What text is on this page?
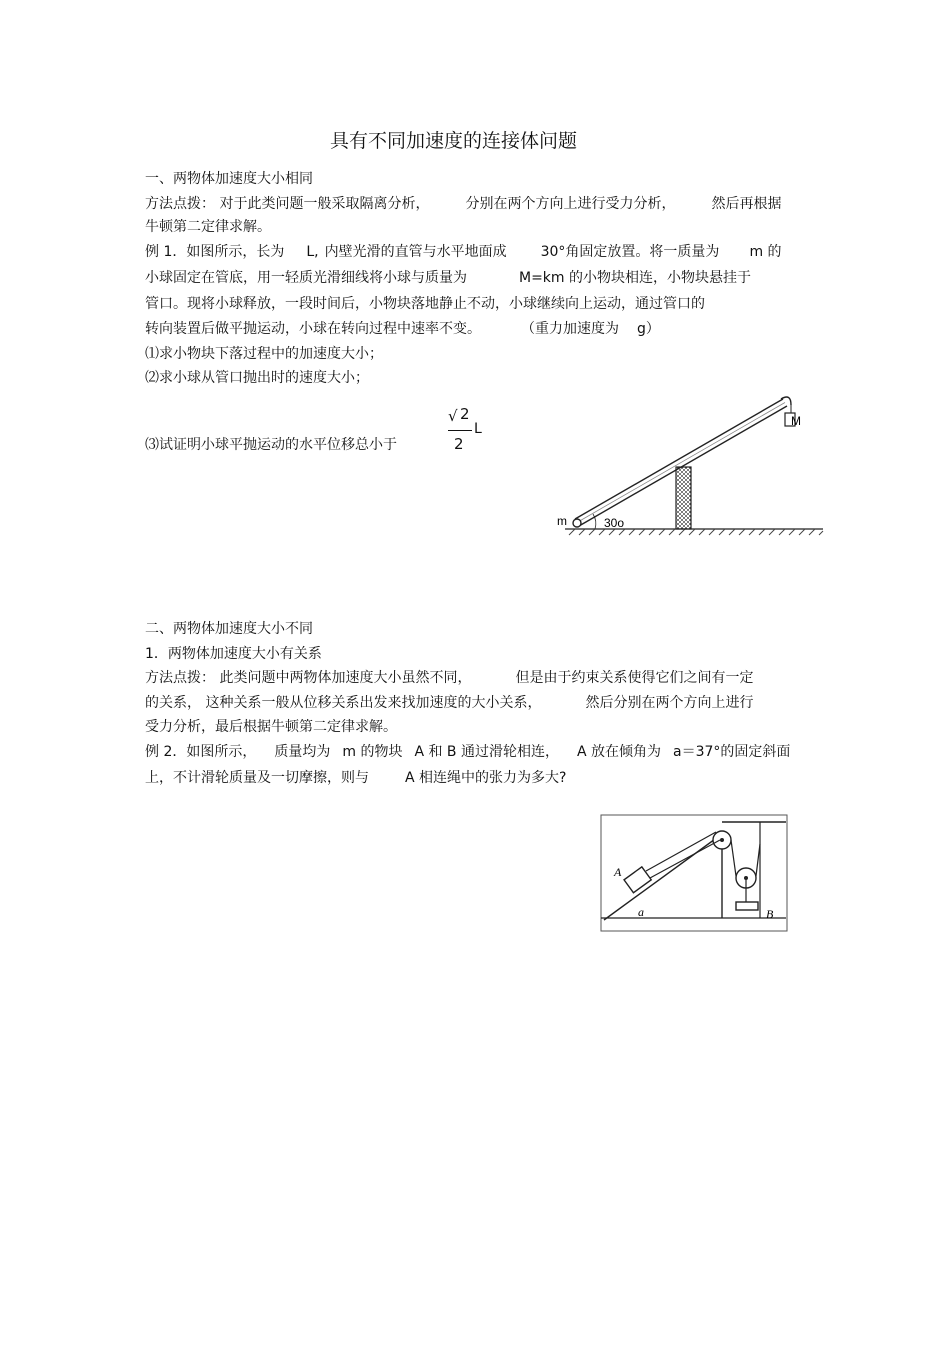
具有不同加速度的连接体问题
一、两物体加速度大小相同
方法点拨： 对于此类问题一般采取隔离分析，	分别在两个方向上进行受力分析，	然后再根据
牛顿第二定律求解。
例 1．如图所示，长为 L, 内壁光滑的直管与水平地面成 30°角固定放置。将一质量为 m 的
小球固定在管底，用一轻质光滑细线将小球与质量为	M=km 的小物块相连，小物块悬挂于
管口。现将小球释放，一段时间后，小物块落地静止不动，小球继续向上运动，通过管口的
转向装置后做平抛运动，小球在转向过程中速率不变。	（重力加速度为 g）
⑴求小物块下落过程中的加速度大小；
⑵求小球从管口抛出时的速度大小；
⑶试证明小球平抛运动的水平位移总小于
√ 2
2
L
m
M
30o
二、两物体加速度大小不同
1．两物体加速度大小有关系
方法点拨： 此类问题中两物体加速度大小虽然不同，	但是由于约束关系使得它们之间有一定
的关系， 这种关系一般从位移关系出发来找加速度的大小关系，	然后分别在两个方向上进行
受力分析，最后根据牛顿第二定律求解。
例 2．如图所示， 质量均为 m 的物块 A 和 B 通过滑轮相连， A 放在倾角为 a＝37°的固定斜面
上，不计滑轮质量及一切摩擦，则与	A 相连绳中的张力为多大?
A
a	B
